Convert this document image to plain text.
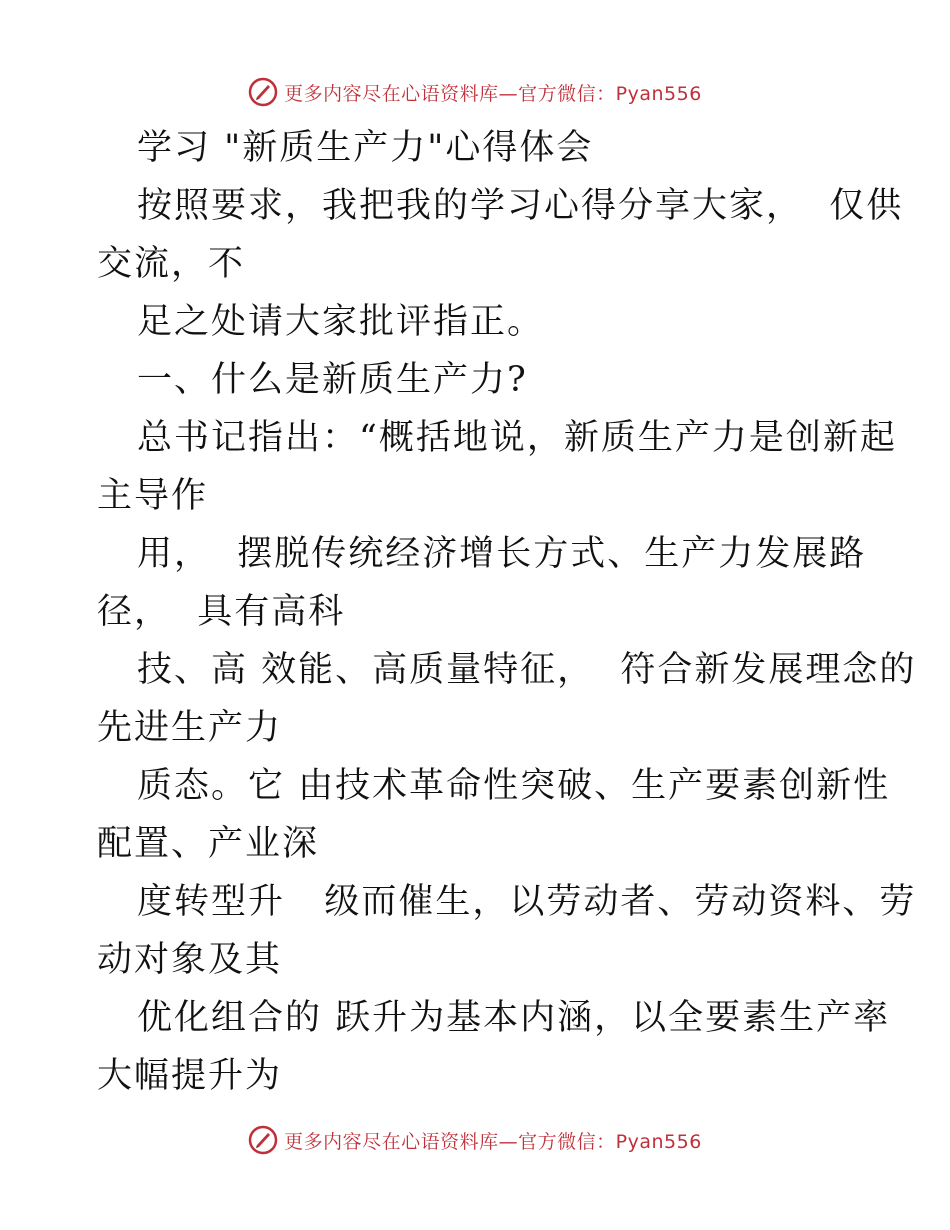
更多内容尽在心语资料库—官方微信：Pyan556
学习 "新质生产力"心得体会
按照要求，我把我的学习心得分享大家，  仅供
交流，不
足之处请大家批评指正。
一、什么是新质生产力?
总书记指出：“概括地说，新质生产力是创新起
主导作
用，  摆脱传统经济增长方式、生产力发展路
径，  具有高科
技、高 效能、高质量特征，  符合新发展理念的
先进生产力
质态。它 由技术革命性突破、生产要素创新性
配置、产业深
度转型升   级而催生，以劳动者、劳动资料、劳
动对象及其
优化组合的 跃升为基本内涵，以全要素生产率
大幅提升为
更多内容尽在心语资料库—官方微信：Pyan556
